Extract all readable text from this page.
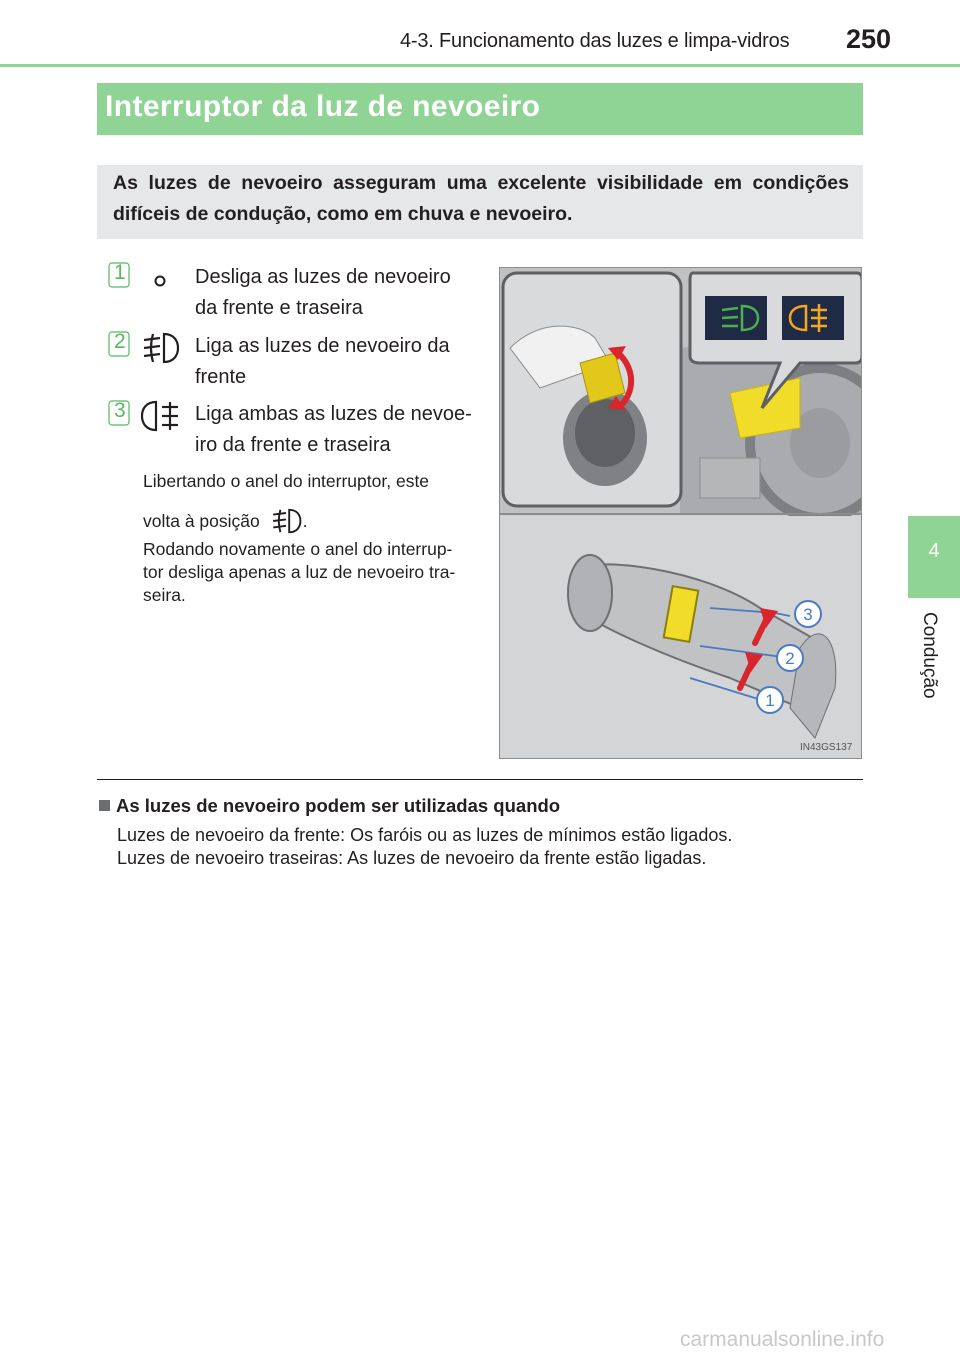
4-3. Funcionamento das luzes e limpa-vidros 250
4
Condução
Interruptor da luz de nevoeiro
As luzes de nevoeiro asseguram uma excelente visibilidade em condições difíceis de condução, como em chuva e nevoeiro.
1	Desliga as luzes de nevoeiro
da frente e traseira
2	Liga as luzes de nevoeiro da
frente
3	Liga ambas as luzes de nevoe-
iro da frente e traseira
Libertando o anel do interruptor, este
volta à posição .
Rodando novamente o anel do interrup-
tor desliga apenas a luz de nevoeiro tra-
seira.
3
2
1
IN43GS137
As luzes de nevoeiro podem ser utilizadas quando
Luzes de nevoeiro da frente: Os faróis ou as luzes de mínimos estão ligados.
Luzes de nevoeiro traseiras: As luzes de nevoeiro da frente estão ligadas.
carmanualsonline.info
